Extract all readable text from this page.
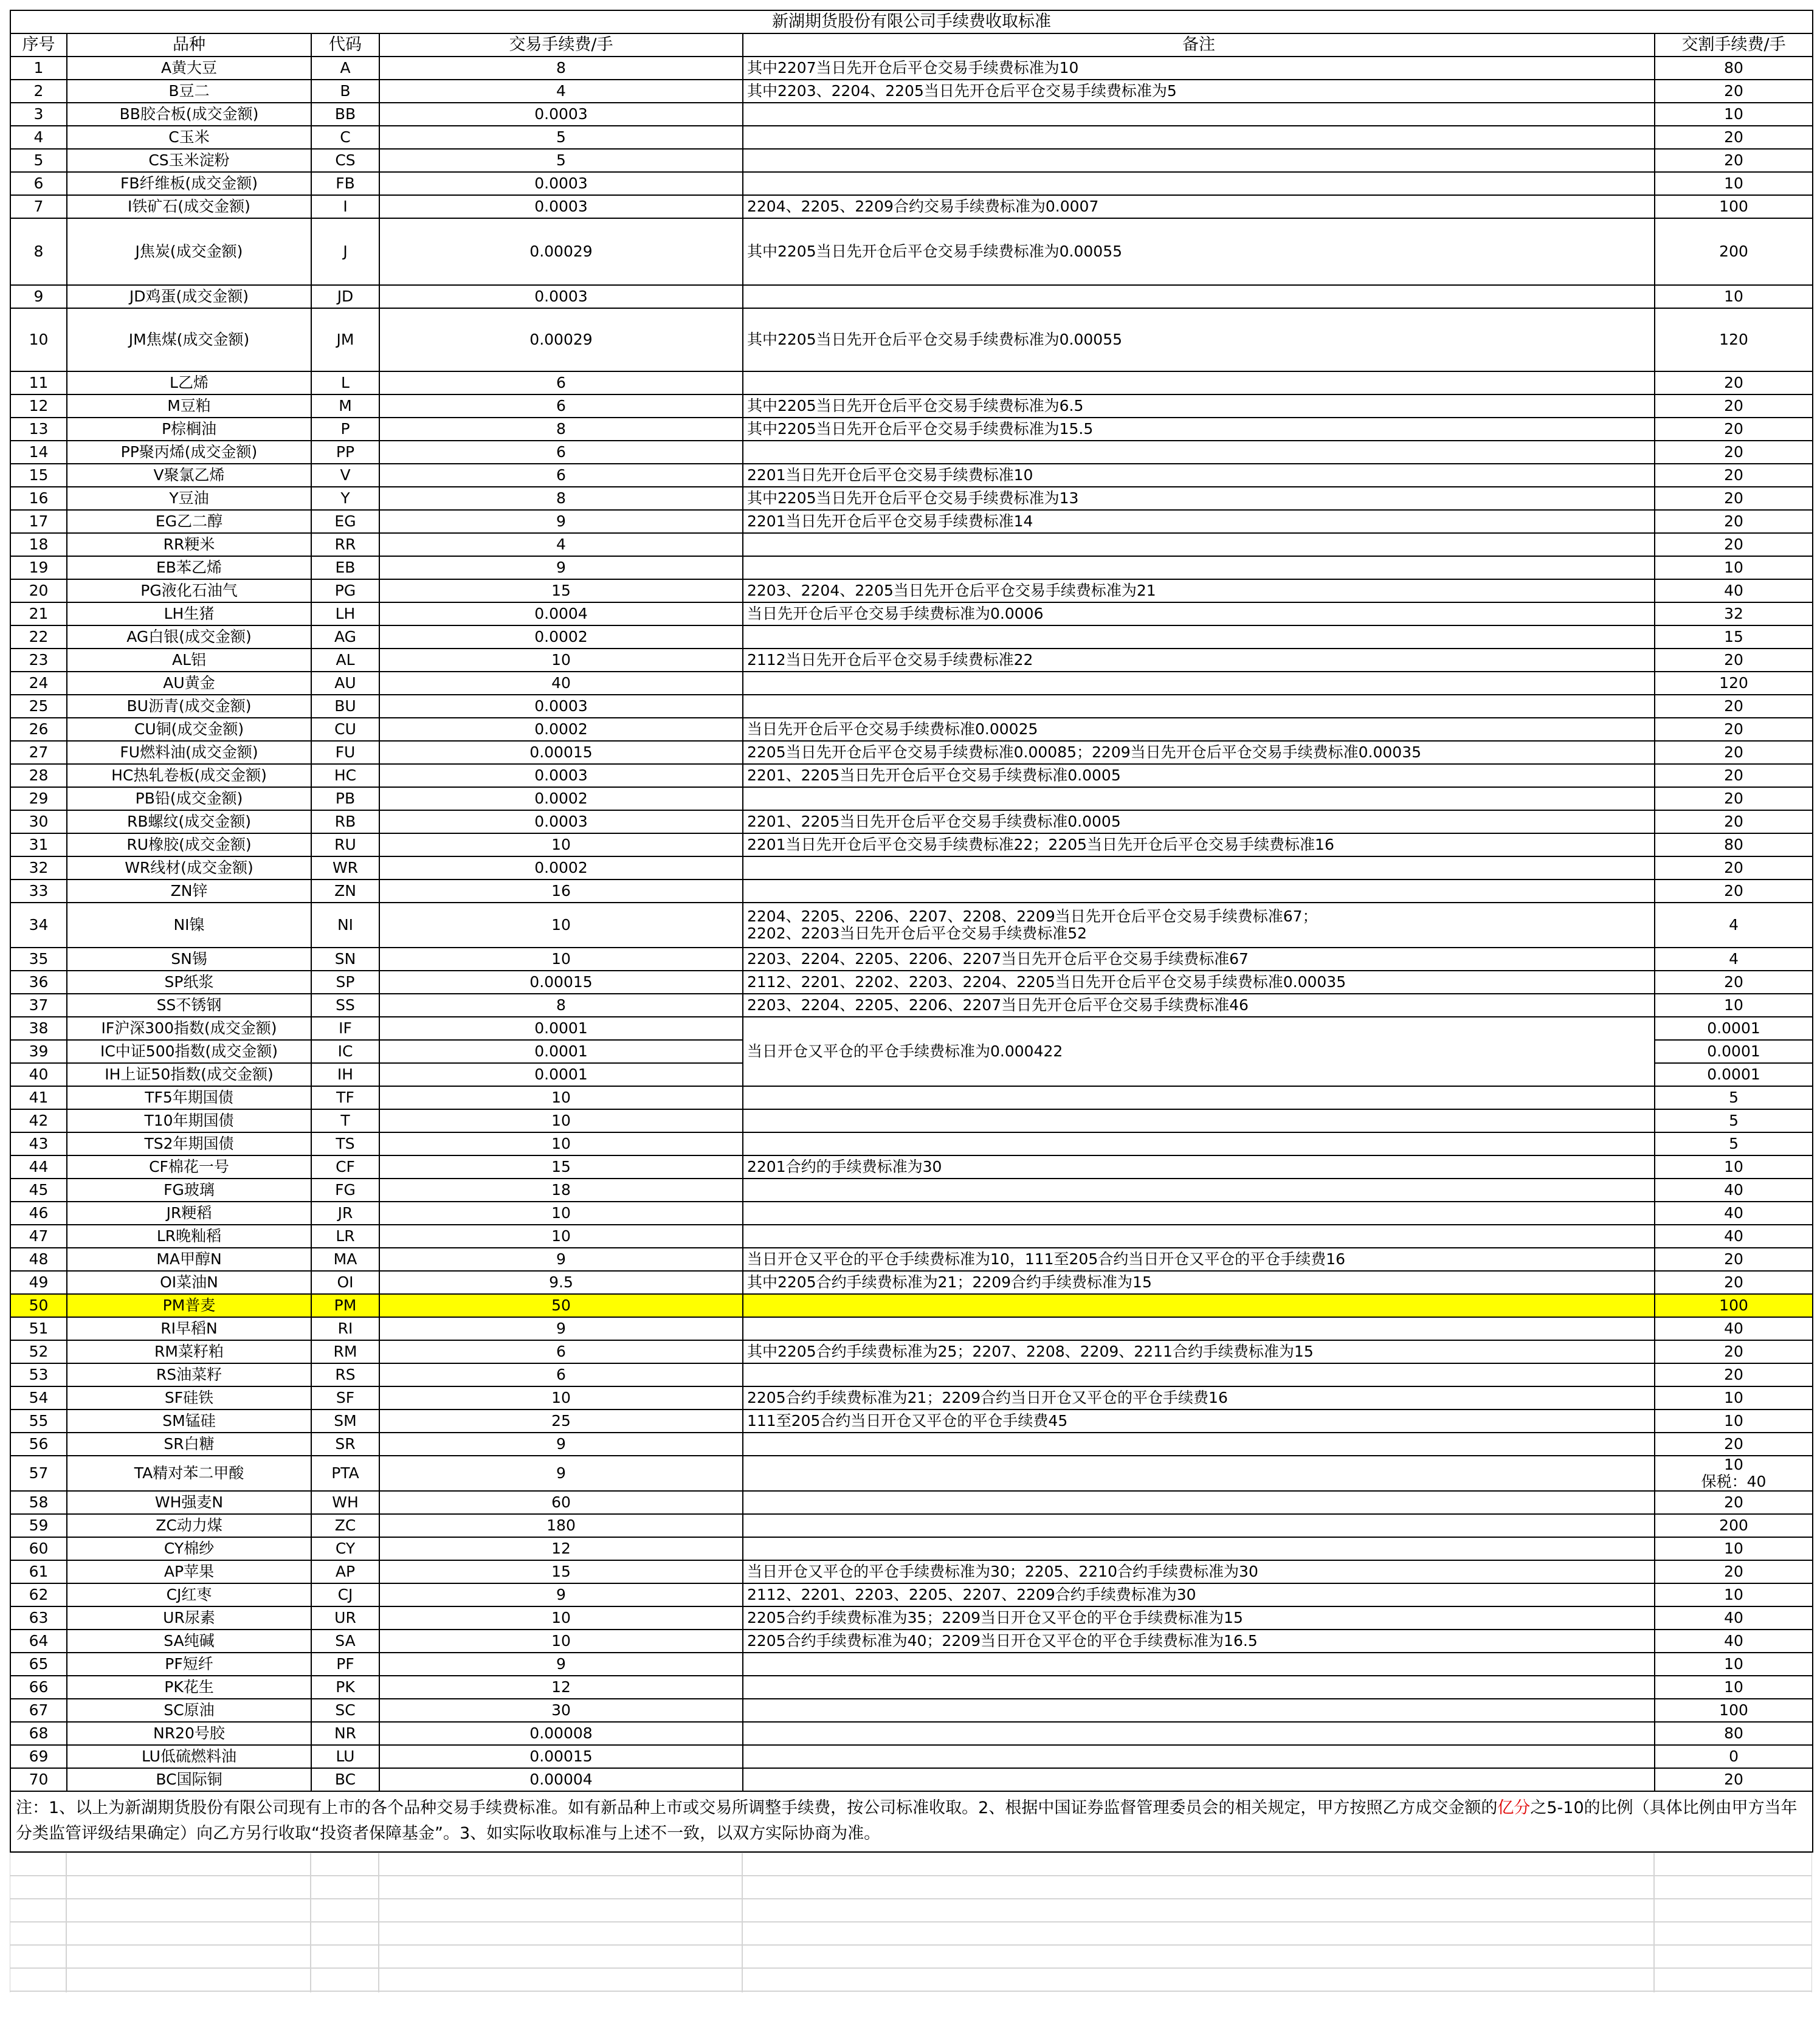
新湖期货股份有限公司手续费收取标准					
序号	品种	代码	交易手续费/手	备注	交割手续费/手
1	A黄大豆	A	8	其中2207当日先开仓后平仓交易手续费标准为10	80
2	B豆二	B	4	其中2203、2204、2205当日先开仓后平仓交易手续费标准为5	20
3	BB胶合板(成交金额)	BB	0.0003		10
4	C玉米	C	5		20
5	CS玉米淀粉	CS	5		20
6	FB纤维板(成交金额)	FB	0.0003		10
7	I铁矿石(成交金额)	I	0.0003	2204、2205、2209合约交易手续费标准为0.0007	100
8	J焦炭(成交金额)	J	0.00029	其中2205当日先开仓后平仓交易手续费标准为0.00055	200
9	JD鸡蛋(成交金额)	JD	0.0003		10
10	JM焦煤(成交金额)	JM	0.00029	其中2205当日先开仓后平仓交易手续费标准为0.00055	120
11	L乙烯	L	6		20
12	M豆粕	M	6	其中2205当日先开仓后平仓交易手续费标准为6.5	20
13	P棕榈油	P	8	其中2205当日先开仓后平仓交易手续费标准为15.5	20
14	PP聚丙烯(成交金额)	PP	6		20
15	V聚氯乙烯	V	6	2201当日先开仓后平仓交易手续费标准10	20
16	Y豆油	Y	8	其中2205当日先开仓后平仓交易手续费标准为13	20
17	EG乙二醇	EG	9	2201当日先开仓后平仓交易手续费标准14	20
18	RR粳米	RR	4		20
19	EB苯乙烯	EB	9		10
20	PG液化石油气	PG	15	2203、2204、2205当日先开仓后平仓交易手续费标准为21	40
21	LH生猪	LH	0.0004	当日先开仓后平仓交易手续费标准为0.0006	32
22	AG白银(成交金额)	AG	0.0002		15
23	AL铝	AL	10	2112当日先开仓后平仓交易手续费标准22	20
24	AU黄金	AU	40		120
25	BU沥青(成交金额)	BU	0.0003		20
26	CU铜(成交金额)	CU	0.0002	当日先开仓后平仓交易手续费标准0.00025	20
27	FU燃料油(成交金额)	FU	0.00015	2205当日先开仓后平仓交易手续费标准0.00085；2209当日先开仓后平仓交易手续费标准0.00035	20
28	HC热轧卷板(成交金额)	HC	0.0003	2201、2205当日先开仓后平仓交易手续费标准0.0005	20
29	PB铅(成交金额)	PB	0.0002		20
30	RB螺纹(成交金额)	RB	0.0003	2201、2205当日先开仓后平仓交易手续费标准0.0005	20
31	RU橡胶(成交金额)	RU	10	2201当日先开仓后平仓交易手续费标准22；2205当日先开仓后平仓交易手续费标准16	80
32	WR线材(成交金额)	WR	0.0002		20
33	ZN锌	ZN	16		20
34	NI镍	NI	10	2204、2205、2206、2207、2208、2209当日先开仓后平仓交易手续费标准67；
2202、2203当日先开仓后平仓交易手续费标准52	4
35	SN锡	SN	10	2203、2204、2205、2206、2207当日先开仓后平仓交易手续费标准67	4
36	SP纸浆	SP	0.00015	2112、2201、2202、2203、2204、2205当日先开仓后平仓交易手续费标准0.00035	20
37	SS不锈钢	SS	8	2203、2204、2205、2206、2207当日先开仓后平仓交易手续费标准46	10
38	IF沪深300指数(成交金额)	IF	0.0001	当日开仓又平仓的平仓手续费标准为0.000422	0.0001
39	IC中证500指数(成交金额)	IC	0.0001		0.0001
40	IH上证50指数(成交金额)	IH	0.0001		0.0001
41	TF5年期国债	TF	10		5
42	T10年期国债	T	10		5
43	TS2年期国债	TS	10		5
44	CF棉花一号	CF	15	2201合约的手续费标准为30	10
45	FG玻璃	FG	18		40
46	JR粳稻	JR	10		40
47	LR晚籼稻	LR	10		40
48	MA甲醇N	MA	9	当日开仓又平仓的平仓手续费标准为10，111至205合约当日开仓又平仓的平仓手续费16	20
49	OI菜油N	OI	9.5	其中2205合约手续费标准为21；2209合约手续费标准为15	20
50	PM普麦	PM	50		100
51	RI早稻N	RI	9		40
52	RM菜籽粕	RM	6	其中2205合约手续费标准为25；2207、2208、2209、2211合约手续费标准为15	20
53	RS油菜籽	RS	6		20
54	SF硅铁	SF	10	2205合约手续费标准为21；2209合约当日开仓又平仓的平仓手续费16	10
55	SM锰硅	SM	25	111至205合约当日开仓又平仓的平仓手续费45	10
56	SR白糖	SR	9		20
57	TA精对苯二甲酸	PTA	9		10
保税：40

58	WH强麦N	WH	60		20
59	ZC动力煤	ZC	180		200
60	CY棉纱	CY	12		10
61	AP苹果	AP	15	当日开仓又平仓的平仓手续费标准为30；2205、2210合约手续费标准为30	20
62	CJ红枣	CJ	9	2112、2201、2203、2205、2207、2209合约手续费标准为30	10
63	UR尿素	UR	10	2205合约手续费标准为35；2209当日开仓又平仓的平仓手续费标准为15	40
64	SA纯碱	SA	10	2205合约手续费标准为40；2209当日开仓又平仓的平仓手续费标准为16.5	40
65	PF短纤	PF	9		10
66	PK花生	PK	12		10
67	SC原油	SC	30		100
68	NR20号胶	NR	0.00008		80
69	LU低硫燃料油	LU	0.00015		0
70	BC国际铜	BC	0.00004		20
注：1、以上为新湖期货股份有限公司现有上市的各个品种交易手续费标准。如有新品种上市或交易所调整手续费，按公司标准收取。2、根据中国证券监督管理委员会的相关规定，甲方按照乙方成交金额的亿分之5-10的比例（具体比例由甲方当年分类监管评级结果确定）向乙方另行收取“投资者保障基金”。3、如实际收取标准与上述不一致，以双方实际协商为准。					
